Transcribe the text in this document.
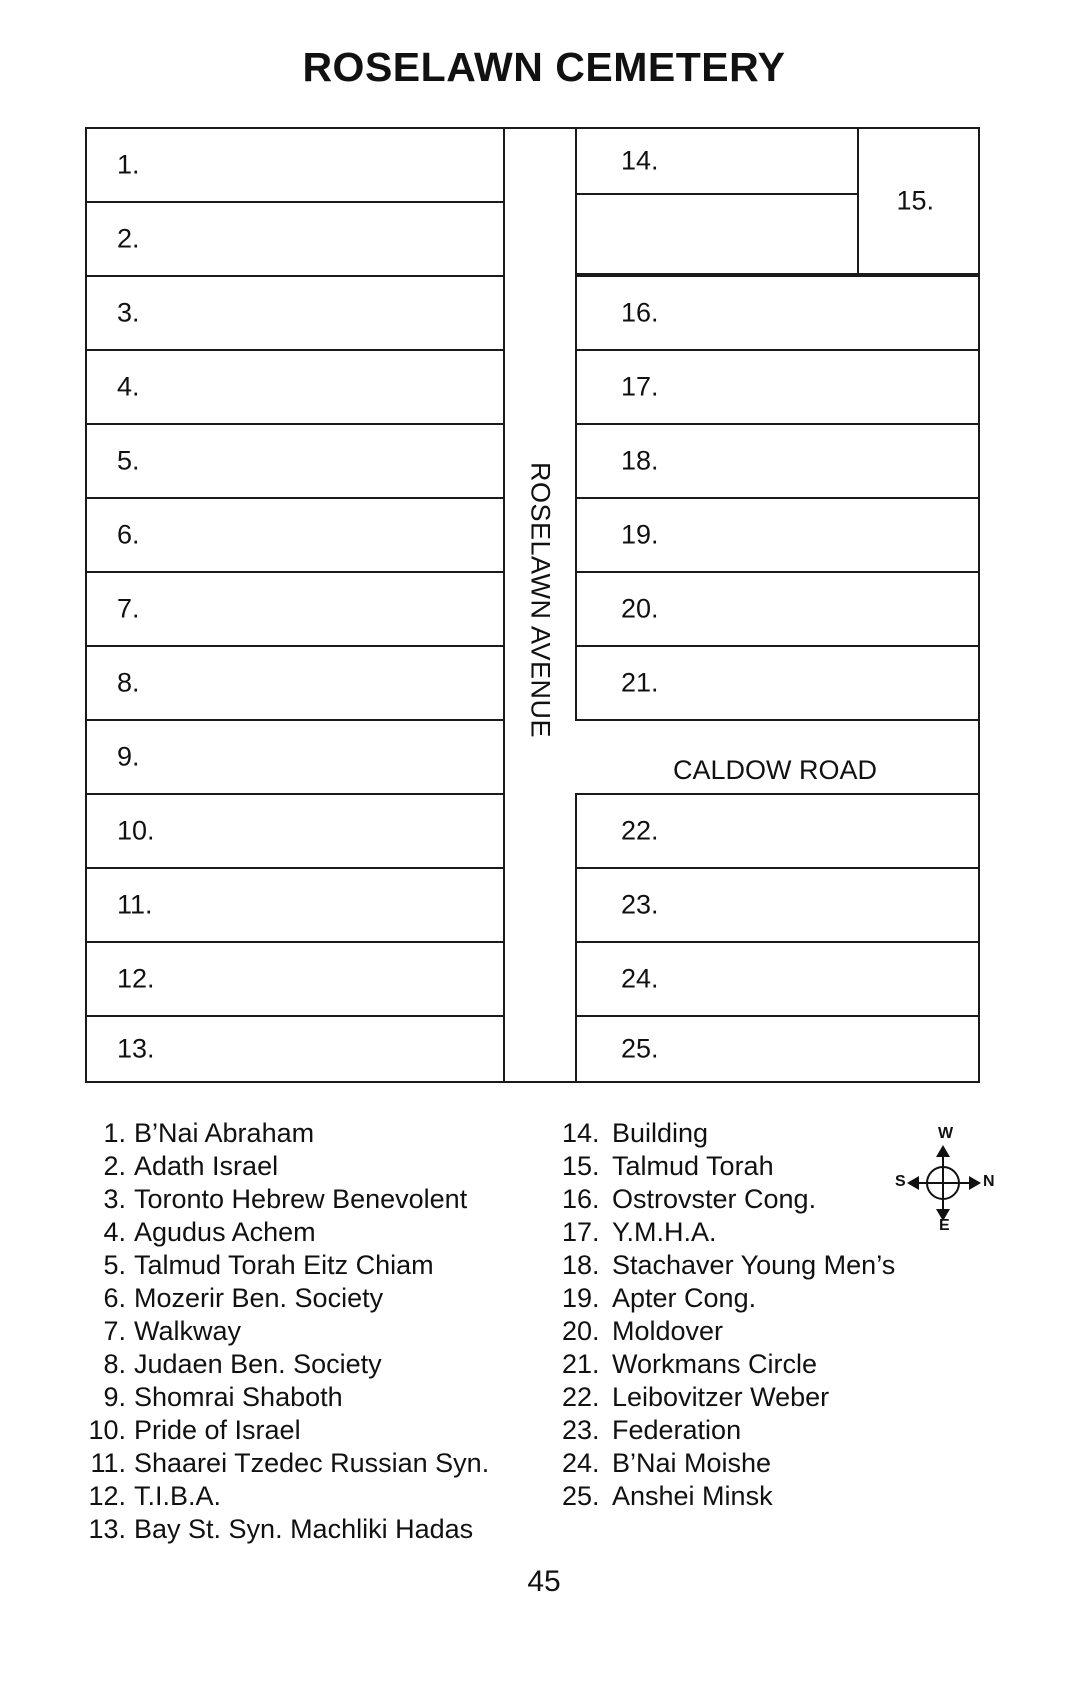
ROSELAWN CEMETERY
ROSELAWN AVENUE
CALDOW ROAD
1.
2.
3.
4.
5.
6.
7.
8.
9.
10.
11.
12.
13.
14.
15.
16.
17.
18.
19.
20.
21.
22.
23.
24.
25.
1. B’Nai Abraham
2. Adath Israel
3. Toronto Hebrew Benevolent
4. Agudus Achem
5. Talmud Torah Eitz Chiam
6. Mozerir Ben. Society
7. Walkway
8. Judaen Ben. Society
9. Shomrai Shaboth
10. Pride of Israel
11. Shaarei Tzedec Russian Syn.
12. T.I.B.A.
13. Bay St. Syn. Machliki Hadas
14. Building
15. Talmud Torah
16. Ostrovster Cong.
17. Y.M.H.A.
18. Stachaver Young Men’s
19. Apter Cong.
20. Moldover
21. Workmans Circle
22. Leibovitzer Weber
23. Federation
24. B’Nai Moishe
25. Anshei Minsk
W
S	N
E
45
